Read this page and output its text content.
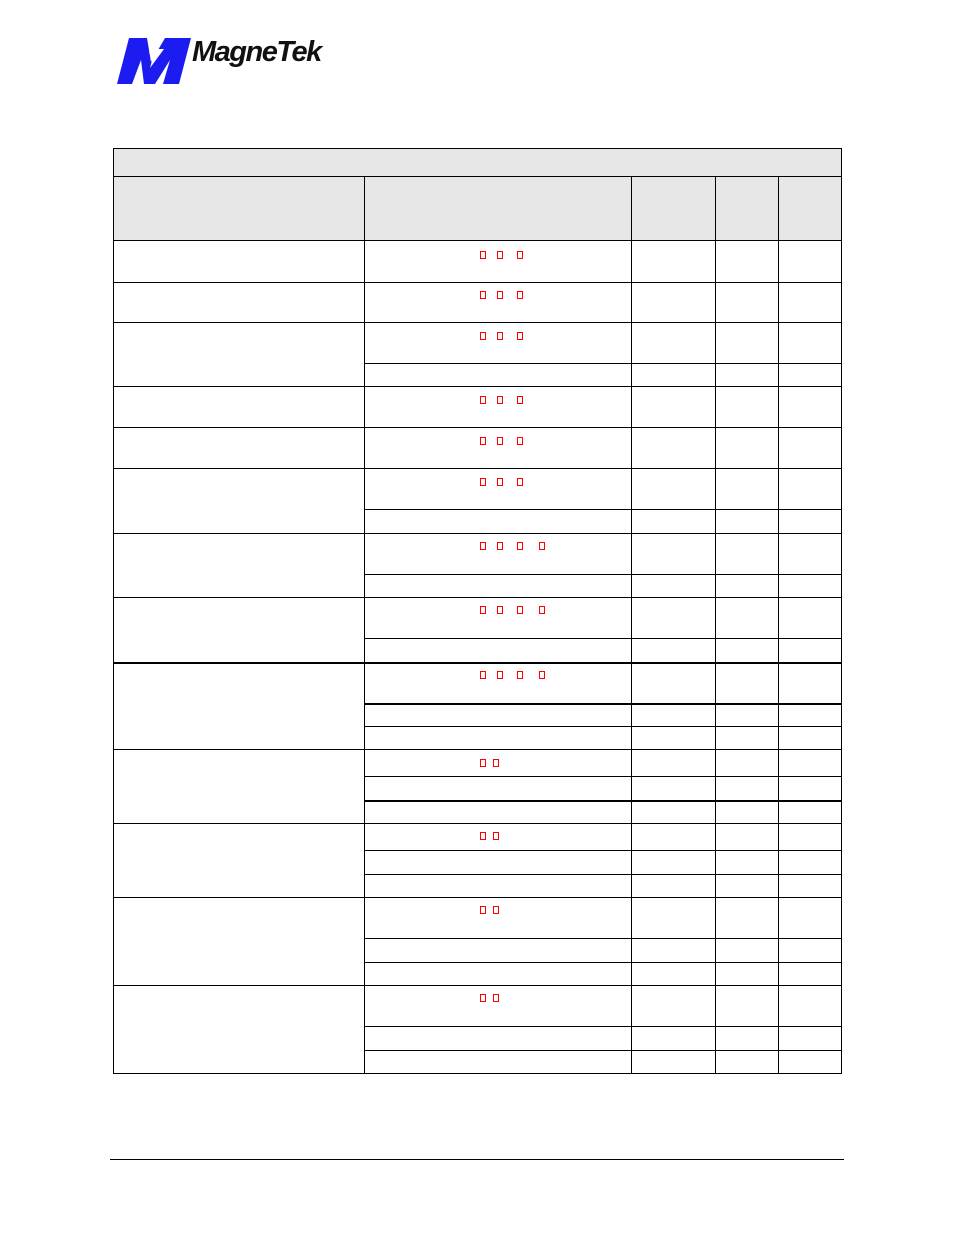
MagneTek
